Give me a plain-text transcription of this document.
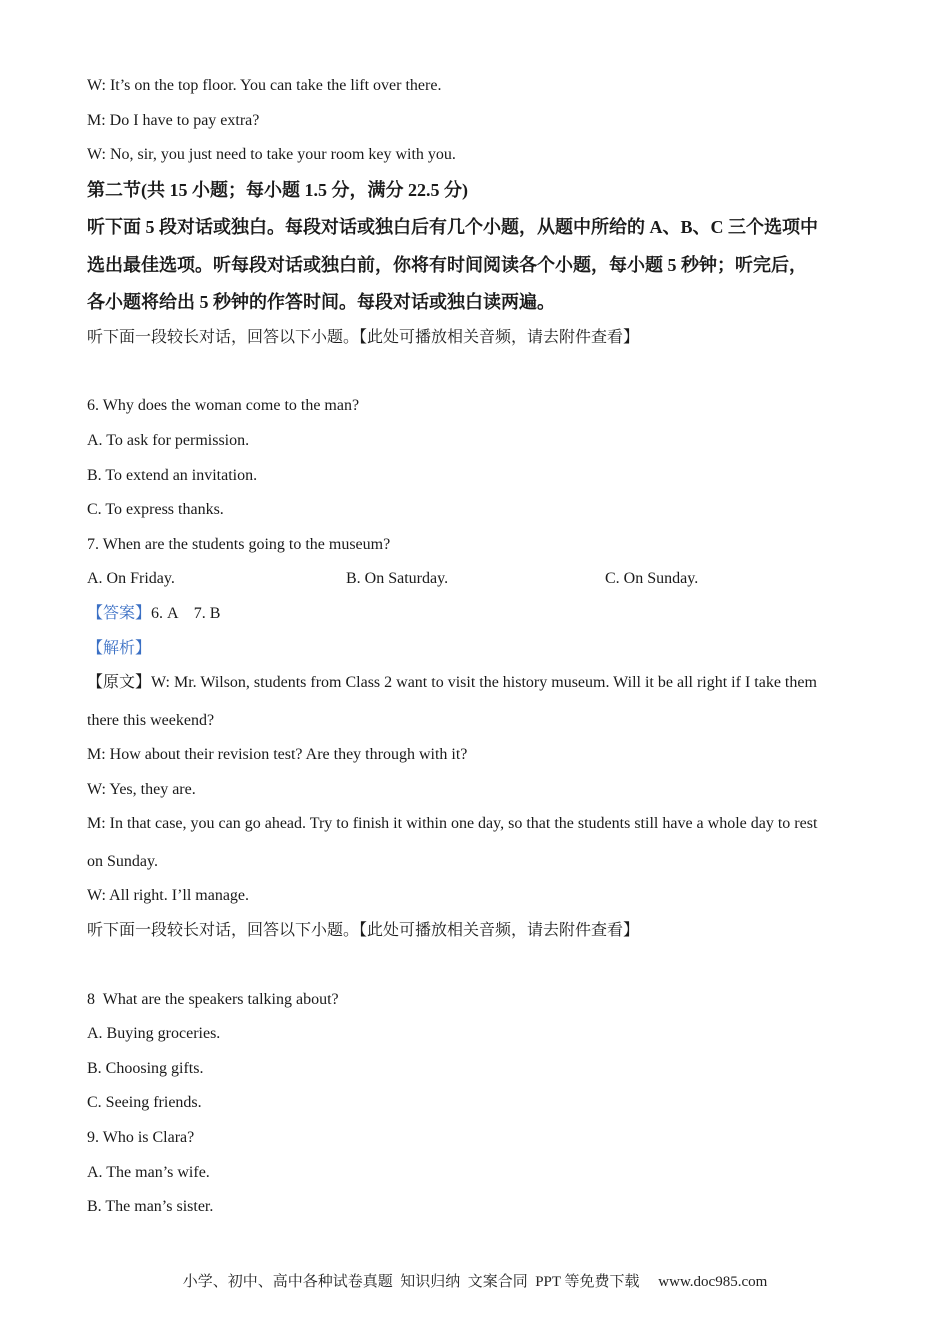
W: It’s on the top floor. You can take the lift over there.
M: Do I have to pay extra?
W: No, sir, you just need to take your room key with you.
第二节(共 15 小题；每小题 1.5 分，满分 22.5 分)
听下面 5 段对话或独白。每段对话或独白后有几个小题，从题中所给的 A、B、C 三个选项中
选出最佳选项。听每段对话或独白前，你将有时间阅读各个小题，每小题 5 秒钟；听完后，
各小题将给出 5 秒钟的作答时间。每段对话或独白读两遍。
听下面一段较长对话，回答以下小题。【此处可播放相关音频，请去附件查看】
6. Why does the woman come to the man?
A. To ask for permission.
B. To extend an invitation.
C. To express thanks.
7. When are the students going to the museum?
A. On Friday.	B. On Saturday.	C. On Sunday.
【答案】6. A    7. B
【解析】
【原文】W: Mr. Wilson, students from Class 2 want to visit the history museum. Will it be all right if I take them
there this weekend?
M: How about their revision test? Are they through with it?
W: Yes, they are.
M: In that case, you can go ahead. Try to finish it within one day, so that the students still have a whole day to rest
on Sunday.
W: All right. I’ll manage.
听下面一段较长对话，回答以下小题。【此处可播放相关音频，请去附件查看】
8  What are the speakers talking about?
A. Buying groceries.
B. Choosing gifts.
C. Seeing friends.
9. Who is Clara?
A. The man’s wife.
B. The man’s sister.
小学、初中、高中各种试卷真题  知识归纳  文案合同  PPT 等免费下载     www.doc985.com
